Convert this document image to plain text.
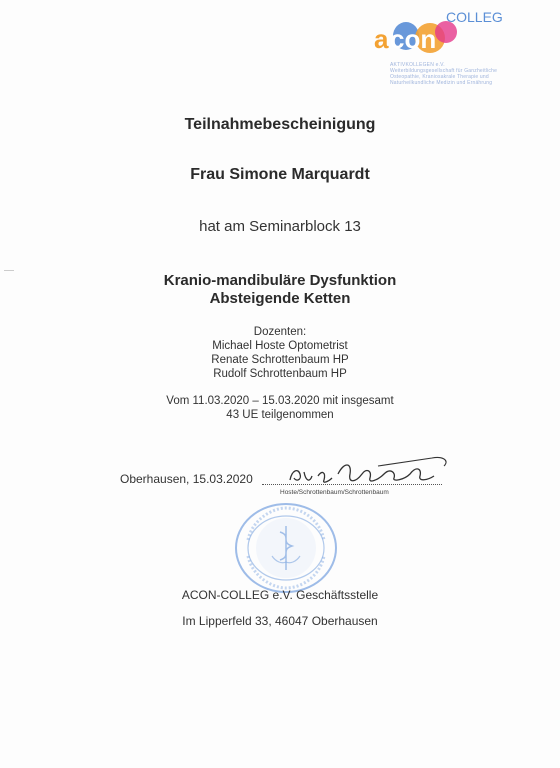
a con
COLLEG
AKTIVKOLLEGEN e.V.
Weiterbildungsgesellschaft für Ganzheitliche
Osteopathie, Kraniosakrale Therapie und
Naturheilkundliche Medizin und Ernährung
Teilnahmebescheinigung
Frau Simone Marquardt
hat am Seminarblock 13
Kranio-mandibuläre Dysfunktion
Absteigende Ketten
Dozenten:
Michael Hoste Optometrist
Renate Schrottenbaum HP
Rudolf Schrottenbaum HP
Vom 11.03.2020 – 15.03.2020 mit insgesamt
43 UE teilgenommen
Oberhausen, 15.03.2020
Hoste/Schrottenbaum/Schrottenbaum
ACON-COLLEG e.V. Geschäftsstelle
Im Lipperfeld 33, 46047 Oberhausen
